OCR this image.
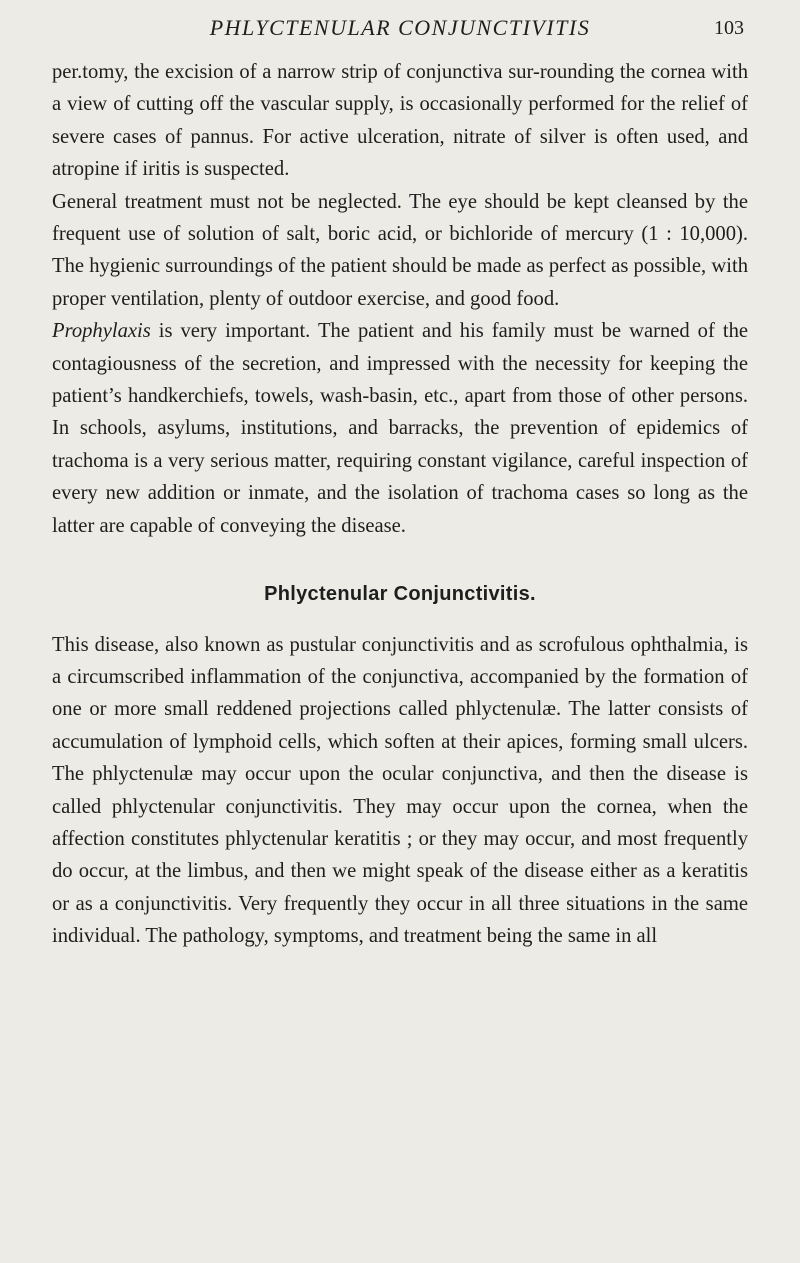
PHLYCTENULAR CONJUNCTIVITIS	103

per.tomy, the excision of a narrow strip of conjunctiva sur-rounding the cornea with a view of cutting off the vascular supply, is occasionally performed for the relief of severe cases of pannus. For active ulceration, nitrate of silver is often used, and atropine if iritis is suspected.

General treatment must not be neglected. The eye should be kept cleansed by the frequent use of solution of salt, boric acid, or bichloride of mercury (1 : 10,000). The hygienic surroundings of the patient should be made as perfect as possible, with proper ventilation, plenty of outdoor exercise, and good food.

Prophylaxis is very important. The patient and his family must be warned of the contagiousness of the secretion, and impressed with the necessity for keeping the patient’s handkerchiefs, towels, wash-basin, etc., apart from those of other persons. In schools, asylums, institutions, and barracks, the prevention of epidemics of trachoma is a very serious matter, requiring constant vigilance, careful inspection of every new addition or inmate, and the isolation of trachoma cases so long as the latter are capable of conveying the disease.

Phlyctenular Conjunctivitis.

This disease, also known as pustular conjunctivitis and as scrofulous ophthalmia, is a circumscribed inflammation of the conjunctiva, accompanied by the formation of one or more small reddened projections called phlyctenulæ. The latter consists of accumulation of lymphoid cells, which soften at their apices, forming small ulcers. The phlyctenulæ may occur upon the ocular conjunctiva, and then the disease is called phlyctenular conjunctivitis. They may occur upon the cornea, when the affection constitutes phlyctenular keratitis ; or they may occur, and most frequently do occur, at the limbus, and then we might speak of the disease either as a keratitis or as a conjunctivitis. Very frequently they occur in all three situations in the same individual. The pathology, symptoms, and treatment being the same in all
